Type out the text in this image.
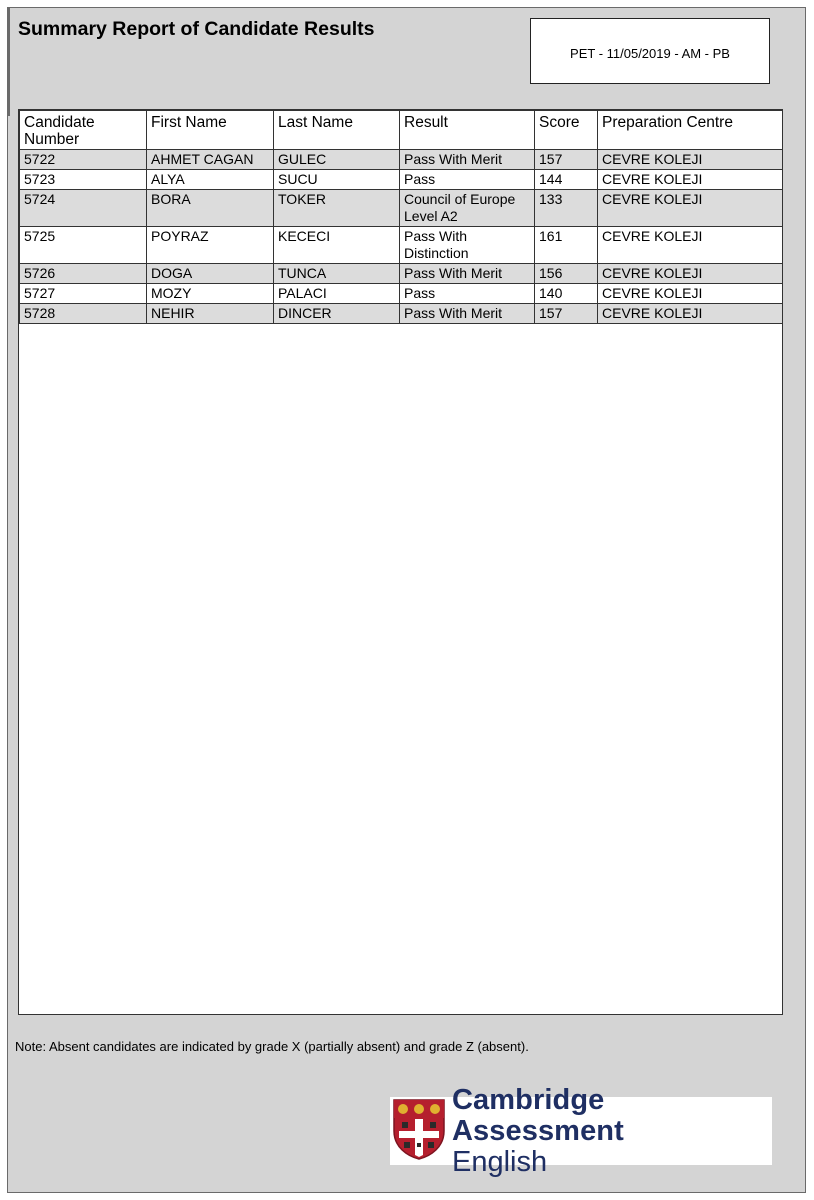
Summary Report of Candidate Results
PET - 11/05/2019 - AM - PB
Candidate Number	First Name	Last Name	Result	Score	Preparation Centre
5722	AHMET CAGAN	GULEC	Pass With Merit	157	CEVRE KOLEJI
5723	ALYA	SUCU	Pass	144	CEVRE KOLEJI
5724	BORA	TOKER	Council of Europe Level A2	133	CEVRE KOLEJI
5725	POYRAZ	KECECI	Pass With Distinction	161	CEVRE KOLEJI
5726	DOGA	TUNCA	Pass With Merit	156	CEVRE KOLEJI
5727	MOZY	PALACI	Pass	140	CEVRE KOLEJI
5728	NEHIR	DINCER	Pass With Merit	157	CEVRE KOLEJI
Note: Absent candidates are indicated by grade X (partially absent) and grade Z (absent).
Cambridge Assessment
English
